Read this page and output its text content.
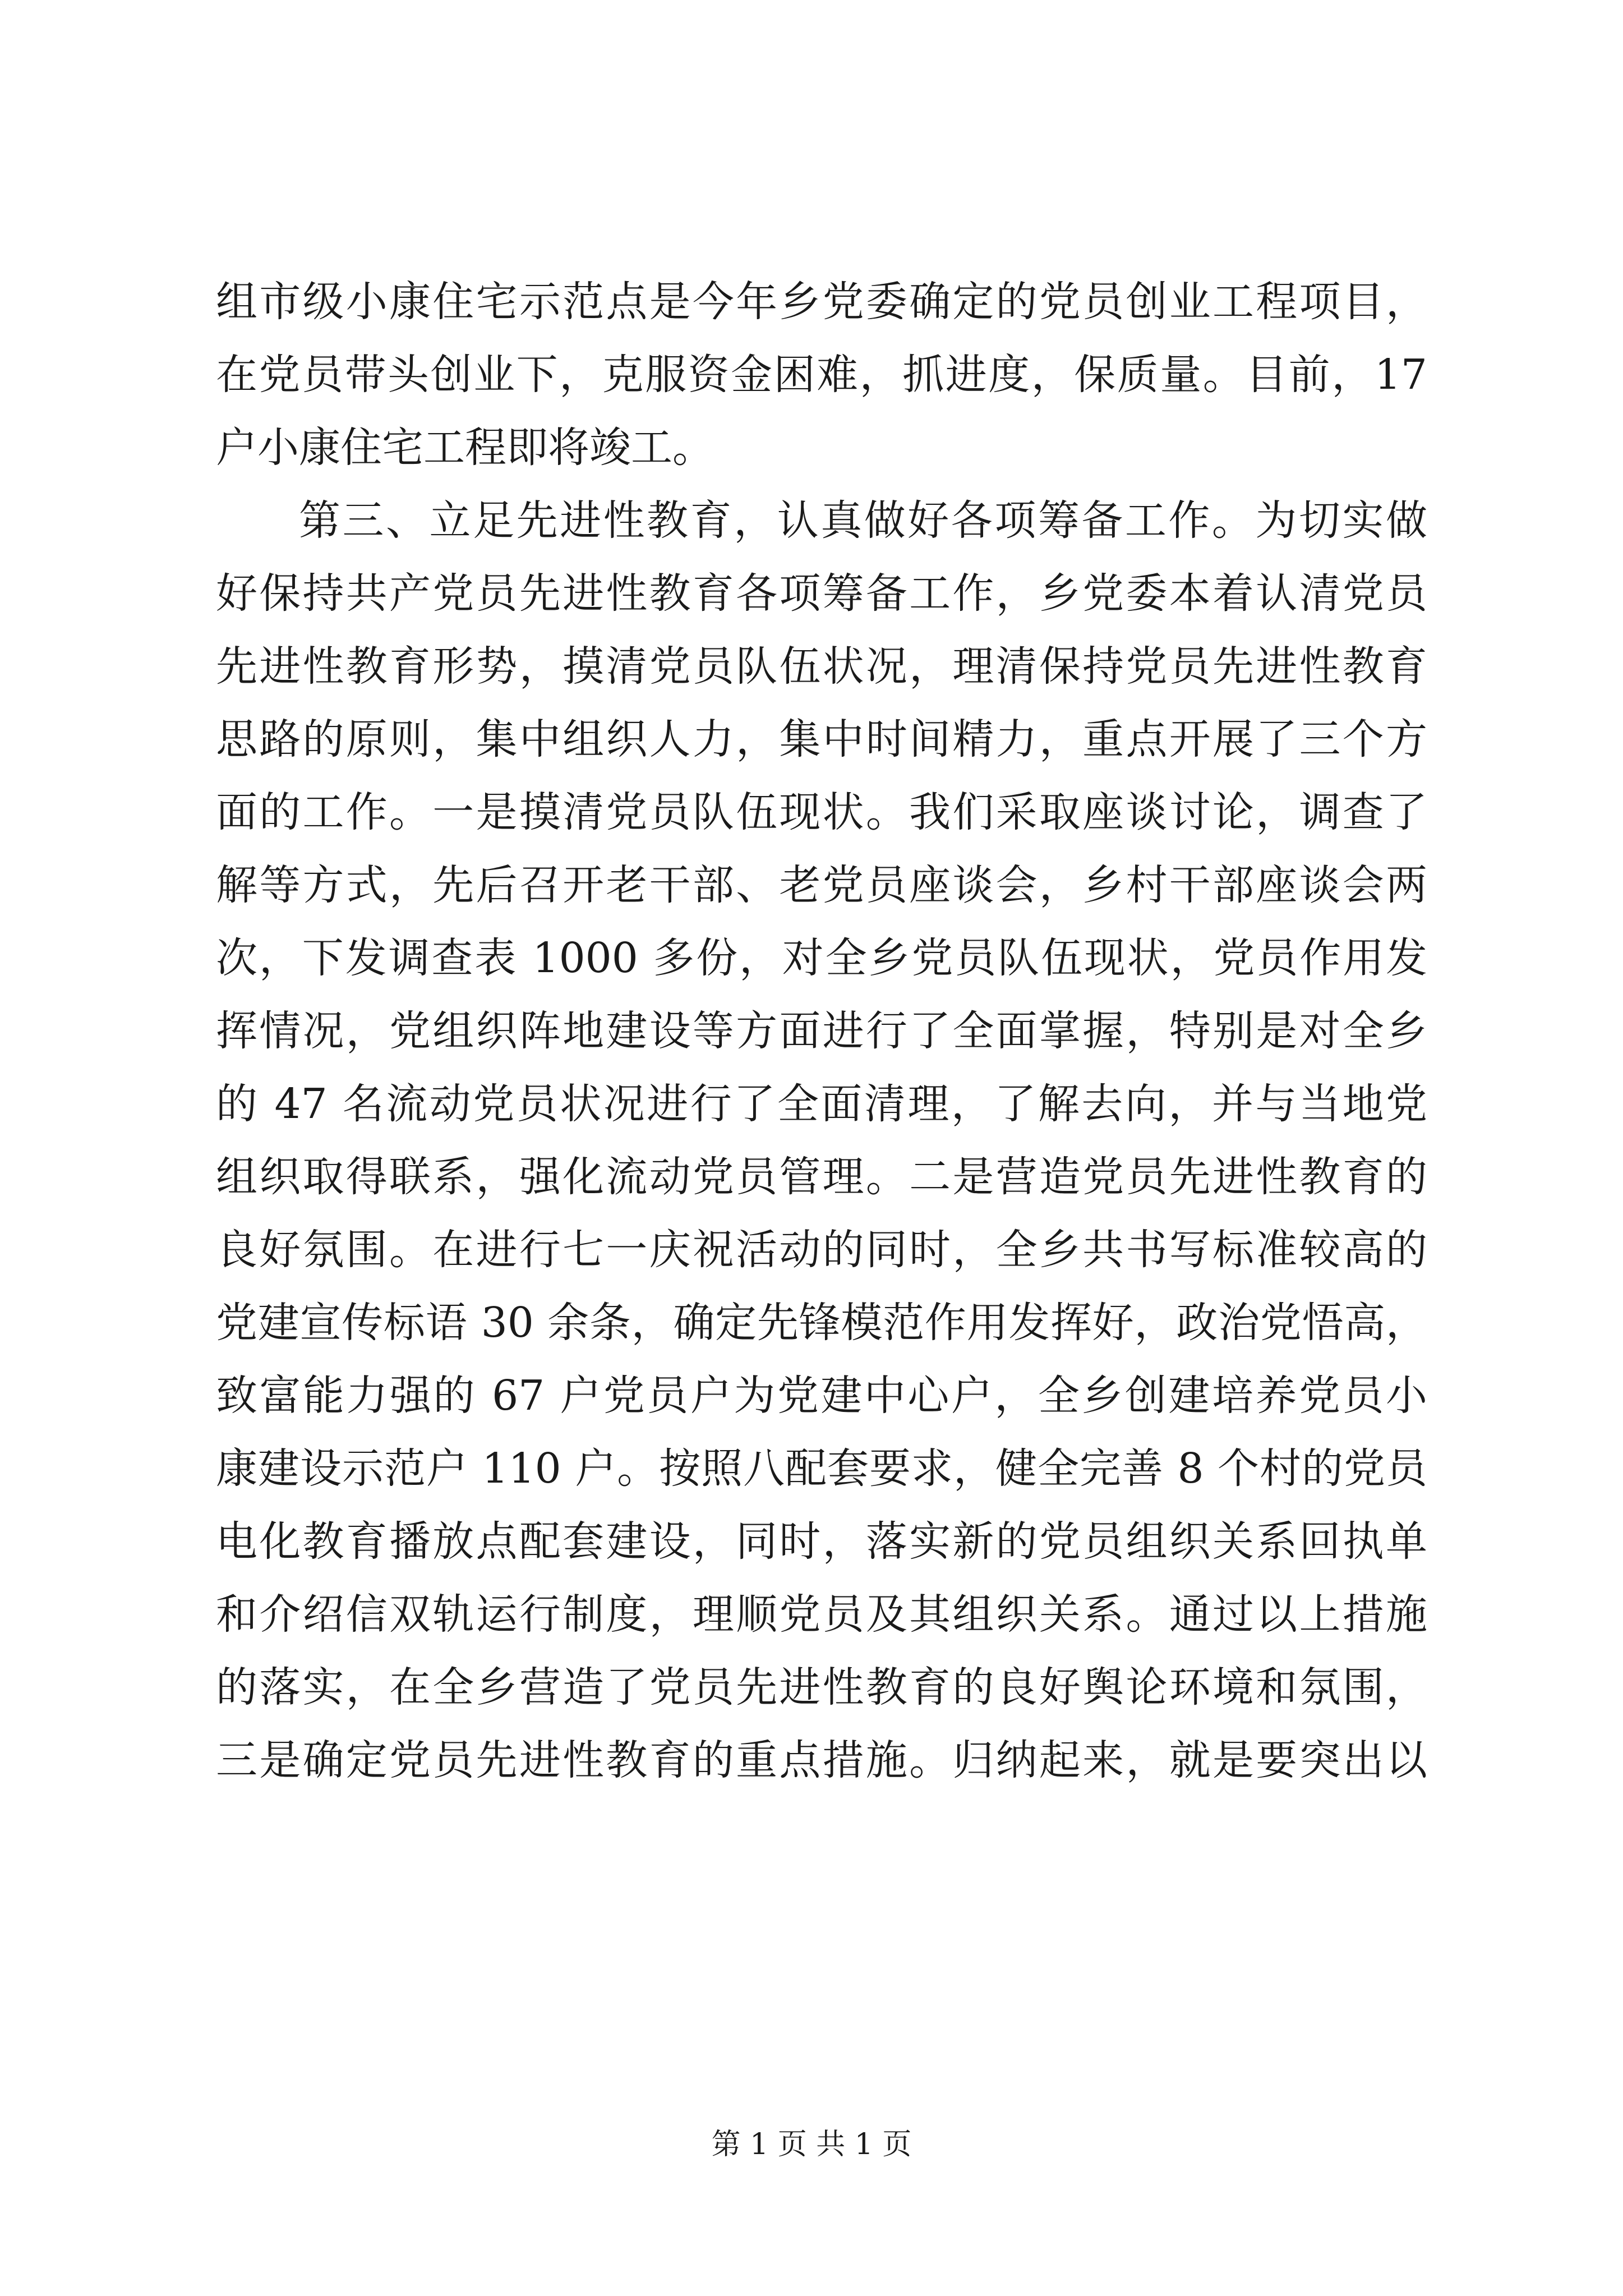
组市级小康住宅示范点是今年乡党委确定的党员创业工程项目，
在党员带头创业下，克服资金困难，抓进度，保质量。目前，17
户小康住宅工程即将竣工。
第三、立足先进性教育，认真做好各项筹备工作。为切实做
好保持共产党员先进性教育各项筹备工作，乡党委本着认清党员
先进性教育形势，摸清党员队伍状况，理清保持党员先进性教育
思路的原则，集中组织人力，集中时间精力，重点开展了三个方
面的工作。一是摸清党员队伍现状。我们采取座谈讨论，调查了
解等方式，先后召开老干部、老党员座谈会，乡村干部座谈会两
次，下发调查表 1000 多份，对全乡党员队伍现状，党员作用发
挥情况，党组织阵地建设等方面进行了全面掌握，特别是对全乡
的 47 名流动党员状况进行了全面清理，了解去向，并与当地党
组织取得联系，强化流动党员管理。二是营造党员先进性教育的
良好氛围。在进行七一庆祝活动的同时，全乡共书写标准较高的
党建宣传标语 30 余条，确定先锋模范作用发挥好，政治党悟高，
致富能力强的 67 户党员户为党建中心户，全乡创建培养党员小
康建设示范户 110 户。按照八配套要求，健全完善 8 个村的党员
电化教育播放点配套建设，同时，落实新的党员组织关系回执单
和介绍信双轨运行制度，理顺党员及其组织关系。通过以上措施
的落实，在全乡营造了党员先进性教育的良好舆论环境和氛围，
三是确定党员先进性教育的重点措施。归纳起来，就是要突出以
第 1 页 共 1 页
